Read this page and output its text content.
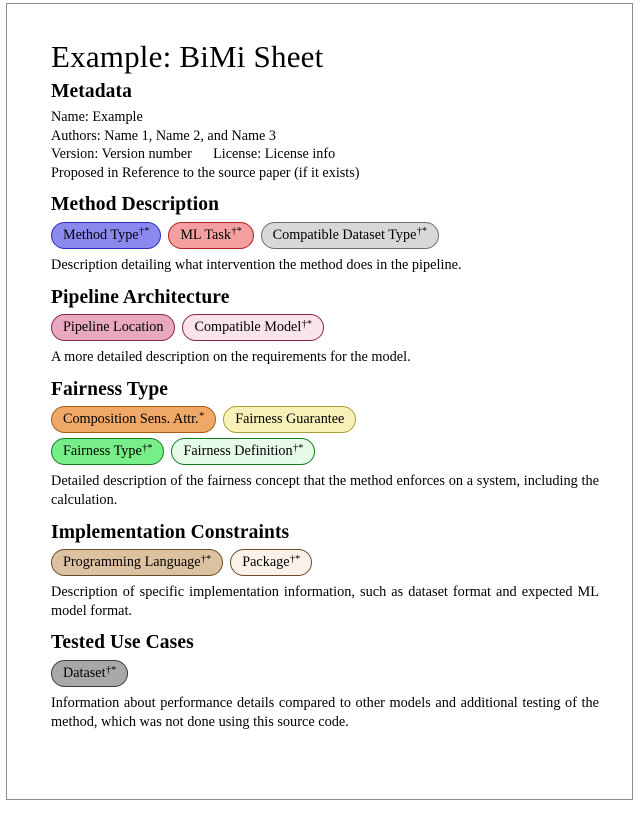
Example: BiMi Sheet
Metadata
Name: Example
Authors: Name 1, Name 2, and Name 3
Version: Version number      License: License info
Proposed in Reference to the source paper (if it exists)
Method Description
Method Type†* ML Task†* Compatible Dataset Type†*

Description detailing what intervention the method does in the pipeline.

Pipeline Architecture
Pipeline Location Compatible Model†*

A more detailed description on the requirements for the model.

Fairness Type
Composition Sens. Attr.* Fairness Guarantee
Fairness Type†* Fairness Definition†*

Detailed description of the fairness concept that the method enforces on a system, including the calculation.

Implementation Constraints
Programming Language†* Package†*

Description of specific implementation information, such as dataset format and expected ML model format.

Tested Use Cases
Dataset†*

Information about performance details compared to other models and additional testing of the method, which was not done using this source code.
